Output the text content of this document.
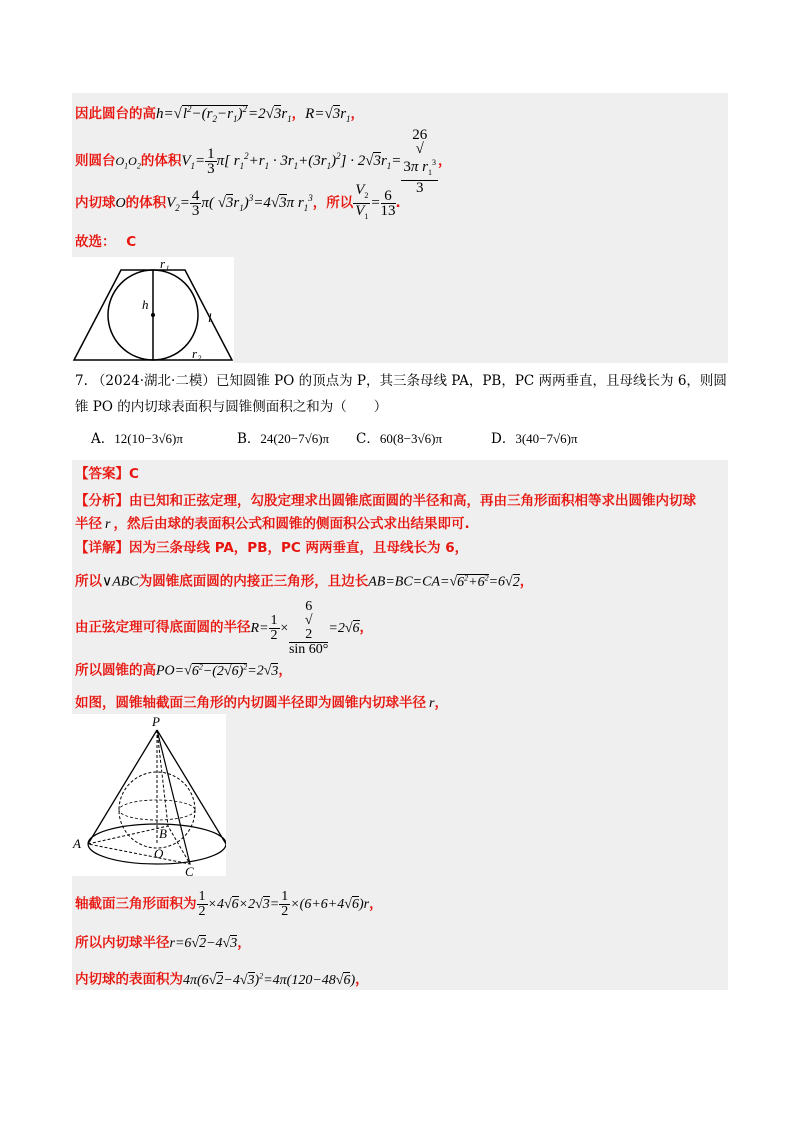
因此圆台的高$h=√l^2-(r_2-r_1)^2=2√3r_1$，$R=√3r_1$，
则圆台$O_1O_2$的体积$V_1= \frac{1}{3} \pi$[ $r_1^2+r_1 \cdot 3r_1+(3r_1)^2] \cdot 2√3r_1= 26$
√
3π $r_1^3$
3 ，
内切球O的体积$V_2= \frac{4}{3} \pi$( $√3r_1)^3=4√3\pi$ $r_1^3$，所以 $\frac{V_2}{V_1} = \frac{6}{13}$ .
故选： C
r₁
h
l
r₂
7. （2024·湖北·二模）已知圆锥 PO 的顶点为 P，其三条母线 PA，PB，PC 两两垂直，且母线长为 6，则圆
锥 PO 的内切球表面积与圆锥侧面积之和为（　　）
A．12(10−3√6)π	B．24(20−7√6)π C．60(8−3√6)π	D．3(40−7√6)π
【答案】C
【分析】由已知和正弦定理，勾股定理求出圆锥底面圆的半径和高，再由三角形面积相等求出圆锥内切球
半径 r ，然后由球的表面积公式和圆锥的侧面积公式求出结果即可.
【详解】因为三条母线 PA，PB，PC 两两垂直，且母线长为 6，
所以∨ABC为圆锥底面圆的内接正三角形，且边长$AB=BC=CA=√6^2+6^2=6√2$，
由正弦定理可得底面圆的半径$R= \frac{1}{2} \times 6$
√
2
sin 60° =2√6，
所以圆锥的高$PO=√6^2-(2√6)^2=2√3$，
如图，圆锥轴截面三角形的内切圆半径即为圆锥内切球半径 r，
P
A
B
O
C
轴截面三角形面积为 $\frac{1}{2} \times 4√6\times 2√3= \frac{1}{2} \times(6+6+4√6)r$，
所以内切球半径r=6√2−4√3，
内切球的表面积为$4\pi(6√2-4√3)^2=4\pi(120-48√6)$，
